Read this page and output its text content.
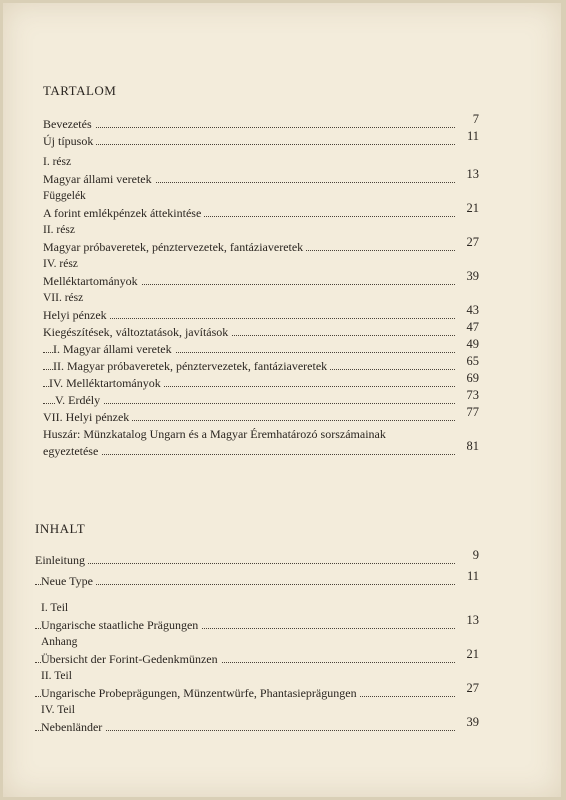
TARTALOM
Bevezetés	7
Új típusok	11
I. rész
Magyar állami veretek	13
Függelék
A forint emlékpénzek áttekintése	21
II. rész
Magyar próbaveretek, pénztervezetek, fantáziaveretek	27
IV. rész
Melléktartományok	39
VII. rész
Helyi pénzek	43
Kiegészítések, változtatások, javítások	47
I. Magyar állami veretek	49
II. Magyar próbaveretek, pénztervezetek, fantáziaveretek	65
IV. Melléktartományok	69
V. Erdély	73
VII. Helyi pénzek	77
Huszár: Münzkatalog Ungarn és a Magyar Éremhatározó sorszámainak
egyeztetése	81
INHALT
Einleitung	9
Neue Type	11
I. Teil
Ungarische staatliche Prägungen	13
Anhang
Übersicht der Forint-Gedenkmünzen	21
II. Teil
Ungarische Probeprägungen, Münzentwürfe, Phantasieprägungen	27
IV. Teil
Nebenländer	39
